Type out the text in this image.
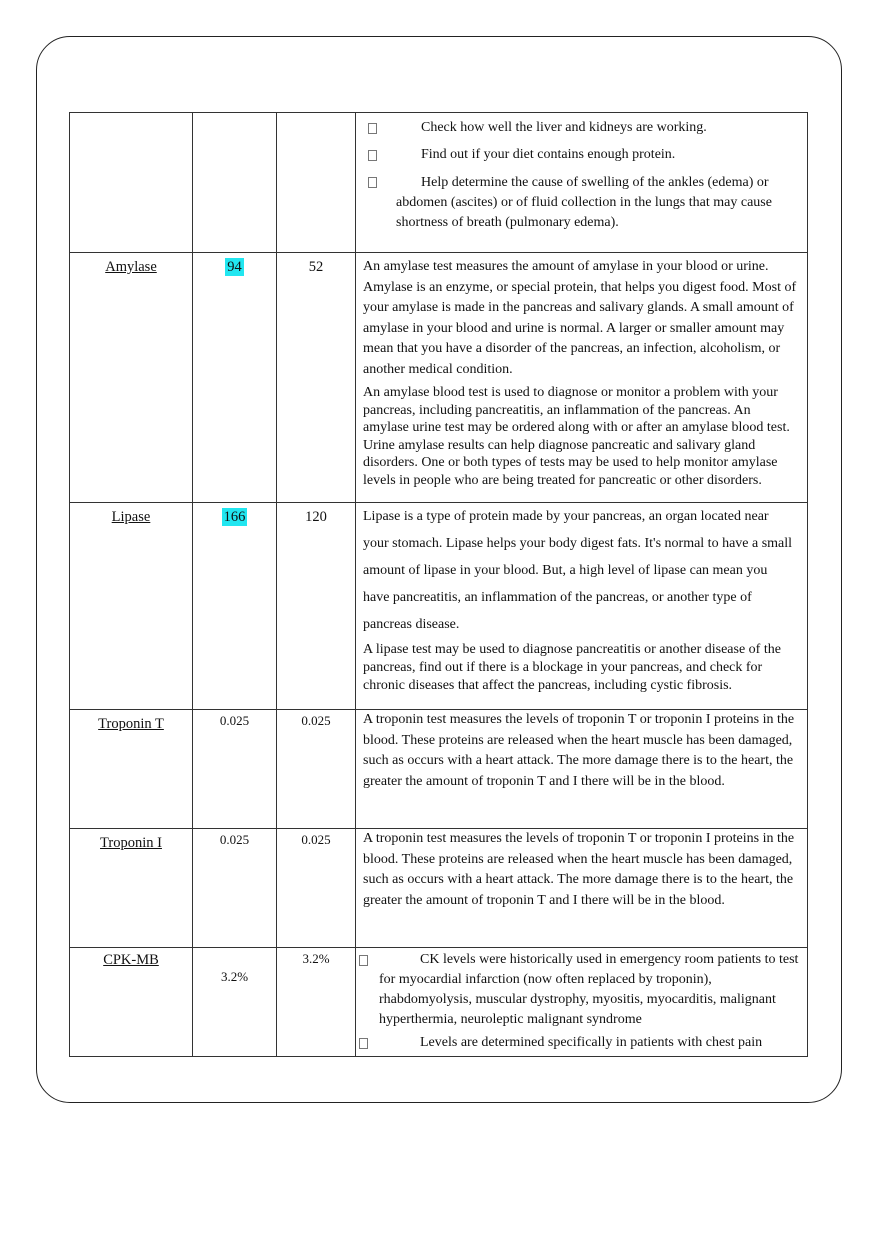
			Check how well the liver and kidneys are working.
Find out if your diet contains enough protein.
Help determine the cause of swelling of the ankles (edema) or abdomen (ascites) or of fluid collection in the lungs that may cause shortness of breath (pulmonary edema).

Amylase	94	52	An amylase test measures the amount of amylase in your blood or urine. Amylase is an enzyme, or special protein, that helps you digest food. Most of your amylase is made in the pancreas and salivary glands. A small amount of amylase in your blood and urine is normal. A larger or smaller amount may mean that you have a disorder of the pancreas, an infection, alcoholism, or another medical condition.

An amylase blood test is used to diagnose or monitor a problem with your pancreas, including pancreatitis, an inflammation of the pancreas. An amylase urine test may be ordered along with or after an amylase blood test. Urine amylase results can help diagnose pancreatic and salivary gland disorders. One or both types of tests may be used to help monitor amylase levels in people who are being treated for pancreatic or other disorders.

Lipase	166	120	Lipase is a type of protein made by your pancreas, an organ located near your stomach. Lipase helps your body digest fats. It's normal to have a small amount of lipase in your blood. But, a high level of lipase can mean you have pancreatitis, an inflammation of the pancreas, or another type of pancreas disease.

A lipase test may be used to diagnose pancreatitis or another disease of the pancreas, find out if there is a blockage in your pancreas, and check for chronic diseases that affect the pancreas, including cystic fibrosis.

Troponin T	0.025	0.025	A troponin test measures the levels of troponin T or troponin I proteins in the blood. These proteins are released when the heart muscle has been damaged, such as occurs with a heart attack. The more damage there is to the heart, the greater the amount of troponin T and I there will be in the blood.

Troponin I	0.025	0.025	A troponin test measures the levels of troponin T or troponin I proteins in the blood. These proteins are released when the heart muscle has been damaged, such as occurs with a heart attack. The more damage there is to the heart, the greater the amount of troponin T and I there will be in the blood.

CPK-MB	3.2%	3.2%	CK levels were historically used in emergency room patients to test for myocardial infarction (now often replaced by troponin), rhabdomyolysis, muscular dystrophy, myositis, myocarditis, malignant hyperthermia, neuroleptic malignant syndrome
Levels are determined specifically in patients with chest pain
